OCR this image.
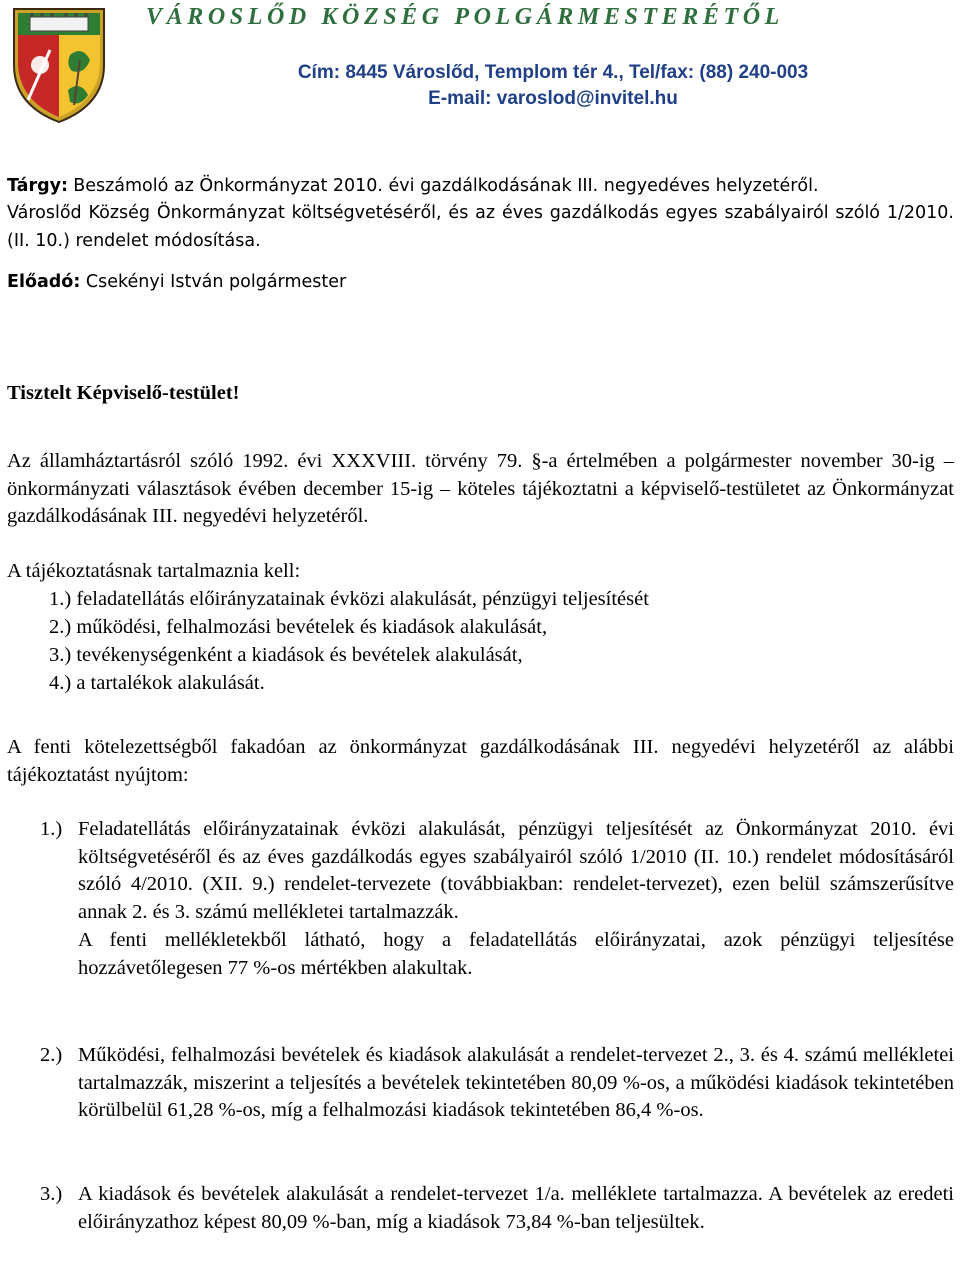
VÁROSLŐD KÖZSÉG POLGÁRMESTERÉTŐL
Cím: 8445 Városlőd, Templom tér 4., Tel/fax: (88) 240-003
E-mail: varoslod@invitel.hu
Tárgy: Beszámoló az Önkormányzat 2010. évi gazdálkodásának III. negyedéves helyzetéről.
Városlőd Község Önkormányzat költségvetéséről, és az éves gazdálkodás egyes szabályairól szóló 1/2010. (II. 10.) rendelet módosítása.
Előadó: Csekényi István polgármester
Tisztelt Képviselő-testület!
Az államháztartásról szóló 1992. évi XXXVIII. törvény 79. §-a értelmében a polgármester november 30-ig – önkormányzati választások évében december 15-ig – köteles tájékoztatni a képviselő-testületet az Önkormányzat gazdálkodásának III. negyedévi helyzetéről.
A tájékoztatásnak tartalmaznia kell:
1.) feladatellátás előirányzatainak évközi alakulását, pénzügyi teljesítését
2.) működési, felhalmozási bevételek és kiadások alakulását,
3.) tevékenységenként a kiadások és bevételek alakulását,
4.) a tartalékok alakulását.
A fenti kötelezettségből fakadóan az önkormányzat gazdálkodásának III. negyedévi helyzetéről az alábbi tájékoztatást nyújtom:
1.) Feladatellátás előirányzatainak évközi alakulását, pénzügyi teljesítését az Önkormányzat 2010. évi költségvetéséről és az éves gazdálkodás egyes szabályairól szóló 1/2010 (II. 10.) rendelet módosításáról szóló 4/2010. (XII. 9.) rendelet-tervezete (továbbiakban: rendelet-tervezet), ezen belül számszerűsítve annak 2. és 3. számú mellékletei tartalmazzák.

A fenti mellékletekből látható, hogy a feladatellátás előirányzatai, azok pénzügyi teljesítése hozzávetőlegesen 77 %-os mértékben alakultak.

2.) Működési, felhalmozási bevételek és kiadások alakulását a rendelet-tervezet 2., 3. és 4. számú mellékletei tartalmazzák, miszerint a teljesítés a bevételek tekintetében 80,09 %-os, a működési kiadások tekintetében körülbelül 61,28 %-os, míg a felhalmozási kiadások tekintetében 86,4 %-os.

3.) A kiadások és bevételek alakulását a rendelet-tervezet 1/a. melléklete tartalmazza. A bevételek az eredeti előirányzathoz képest 80,09 %-ban, míg a kiadások 73,84 %-ban teljesültek.
